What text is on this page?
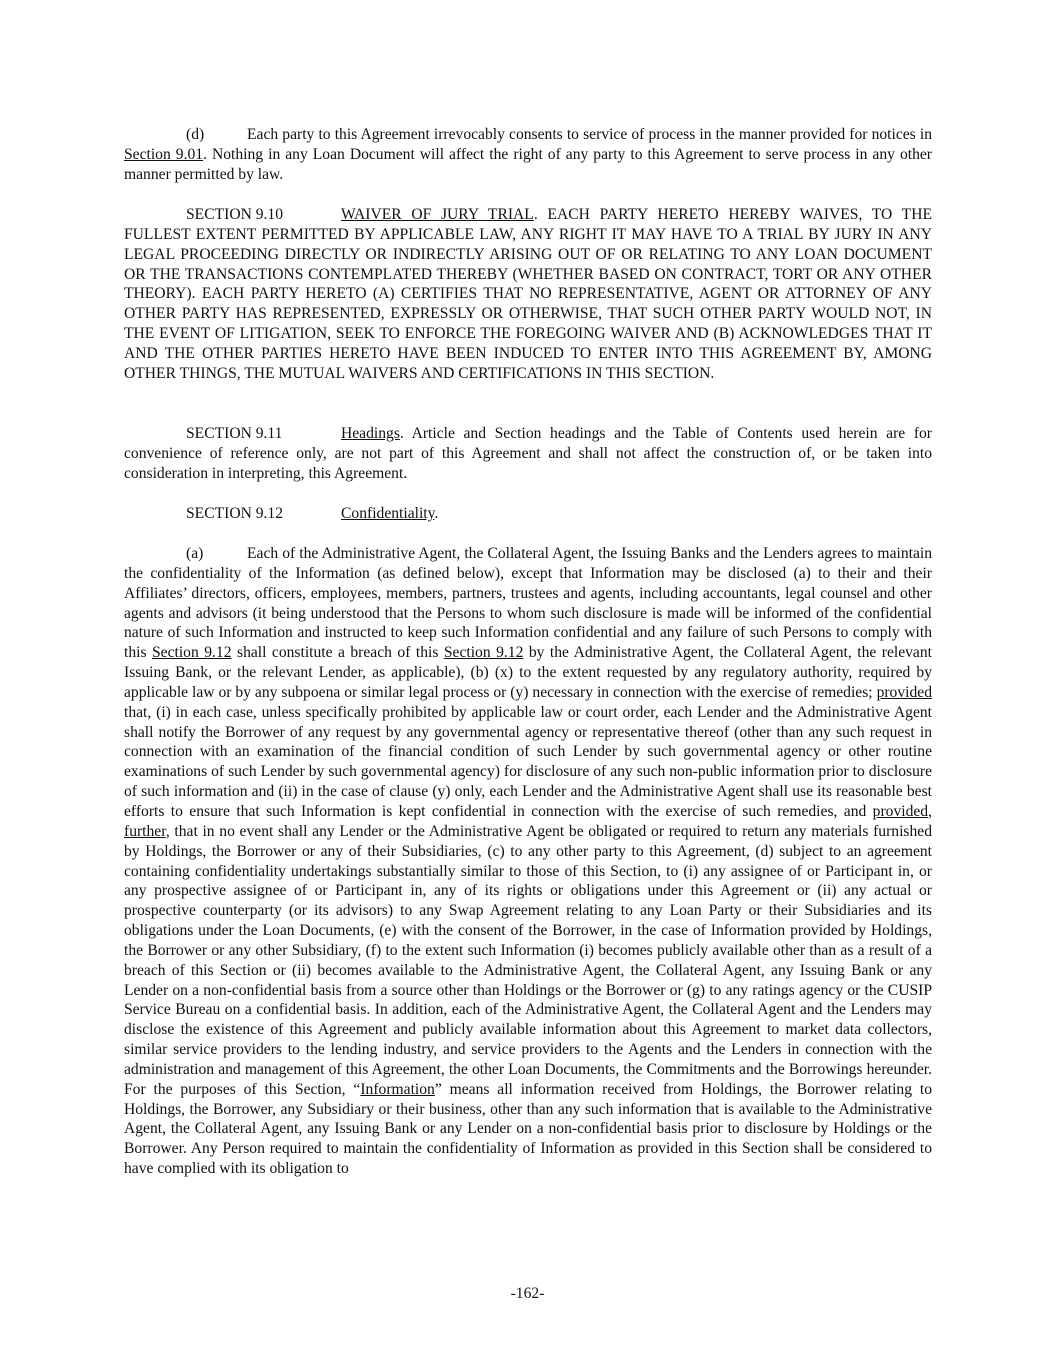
(d)	Each party to this Agreement irrevocably consents to service of process in the manner provided for notices in Section 9.01. Nothing in any Loan Document will affect the right of any party to this Agreement to serve process in any other manner permitted by law.

SECTION 9.10	WAIVER OF JURY TRIAL. EACH PARTY HERETO HEREBY WAIVES, TO THE FULLEST EXTENT PERMITTED BY APPLICABLE LAW, ANY RIGHT IT MAY HAVE TO A TRIAL BY JURY IN ANY LEGAL PROCEEDING DIRECTLY OR INDIRECTLY ARISING OUT OF OR RELATING TO ANY LOAN DOCUMENT OR THE TRANSACTIONS CONTEMPLATED THEREBY (WHETHER BASED ON CONTRACT, TORT OR ANY OTHER THEORY). EACH PARTY HERETO (A) CERTIFIES THAT NO REPRESENTATIVE, AGENT OR ATTORNEY OF ANY OTHER PARTY HAS REPRESENTED, EXPRESSLY OR OTHERWISE, THAT SUCH OTHER PARTY WOULD NOT, IN THE EVENT OF LITIGATION, SEEK TO ENFORCE THE FOREGOING WAIVER AND (B) ACKNOWLEDGES THAT IT AND THE OTHER PARTIES HERETO HAVE BEEN INDUCED TO ENTER INTO THIS AGREEMENT BY, AMONG OTHER THINGS, THE MUTUAL WAIVERS AND CERTIFICATIONS IN THIS SECTION.

SECTION 9.11	Headings. Article and Section headings and the Table of Contents used herein are for convenience of reference only, are not part of this Agreement and shall not affect the construction of, or be taken into consideration in interpreting, this Agreement.

SECTION 9.12	Confidentiality.

(a)	Each of the Administrative Agent, the Collateral Agent, the Issuing Banks and the Lenders agrees to maintain the confidentiality of the Information (as defined below), except that Information may be disclosed (a) to their and their Affiliates’ directors, officers, employees, members, partners, trustees and agents, including accountants, legal counsel and other agents and advisors (it being understood that the Persons to whom such disclosure is made will be informed of the confidential nature of such Information and instructed to keep such Information confidential and any failure of such Persons to comply with this Section 9.12 shall constitute a breach of this Section 9.12 by the Administrative Agent, the Collateral Agent, the relevant Issuing Bank, or the relevant Lender, as applicable), (b) (x) to the extent requested by any regulatory authority, required by applicable law or by any subpoena or similar legal process or (y) necessary in connection with the exercise of remedies; provided that, (i) in each case, unless specifically prohibited by applicable law or court order, each Lender and the Administrative Agent shall notify the Borrower of any request by any governmental agency or representative thereof (other than any such request in connection with an examination of the financial condition of such Lender by such governmental agency or other routine examinations of such Lender by such governmental agency) for disclosure of any such non-public information prior to disclosure of such information and (ii) in the case of clause (y) only, each Lender and the Administrative Agent shall use its reasonable best efforts to ensure that such Information is kept confidential in connection with the exercise of such remedies, and provided, further, that in no event shall any Lender or the Administrative Agent be obligated or required to return any materials furnished by Holdings, the Borrower or any of their Subsidiaries, (c) to any other party to this Agreement, (d) subject to an agreement containing confidentiality undertakings substantially similar to those of this Section, to (i) any assignee of or Participant in, or any prospective assignee of or Participant in, any of its rights or obligations under this Agreement or (ii) any actual or prospective counterparty (or its advisors) to any Swap Agreement relating to any Loan Party or their Subsidiaries and its obligations under the Loan Documents, (e) with the consent of the Borrower, in the case of Information provided by Holdings, the Borrower or any other Subsidiary, (f) to the extent such Information (i) becomes publicly available other than as a result of a breach of this Section or (ii) becomes available to the Administrative Agent, the Collateral Agent, any Issuing Bank or any Lender on a non-confidential basis from a source other than Holdings or the Borrower or (g) to any ratings agency or the CUSIP Service Bureau on a confidential basis. In addition, each of the Administrative Agent, the Collateral Agent and the Lenders may disclose the existence of this Agreement and publicly available information about this Agreement to market data collectors, similar service providers to the lending industry, and service providers to the Agents and the Lenders in connection with the administration and management of this Agreement, the other Loan Documents, the Commitments and the Borrowings hereunder. For the purposes of this Section, “Information” means all information received from Holdings, the Borrower relating to Holdings, the Borrower, any Subsidiary or their business, other than any such information that is available to the Administrative Agent, the Collateral Agent, any Issuing Bank or any Lender on a non-confidential basis prior to disclosure by Holdings or the Borrower. Any Person required to maintain the confidentiality of Information as provided in this Section shall be considered to have complied with its obligation to

-162-
